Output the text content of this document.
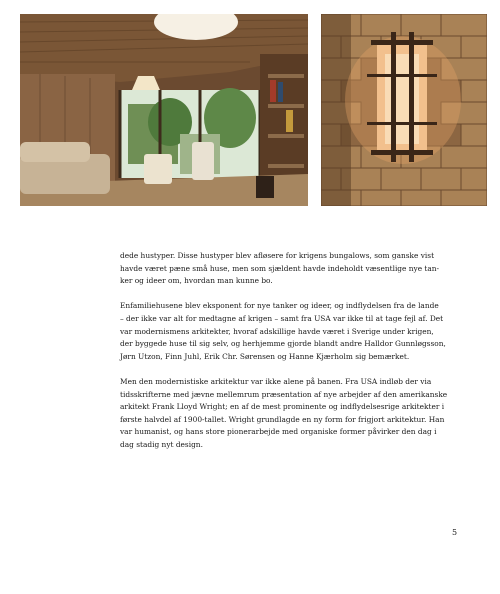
dede hustyper. Disse hustyper blev afløsere for krigens bungalows, som ganske vist
havde været pæne små huse, men som sjældent havde indeholdt væsentlige nye tan-
ker og ideer om, hvordan man kunne bo.

Enfamiliehusene blev eksponent for nye tanker og ideer, og indflydelsen fra de lande
– der ikke var alt for medtagne af krigen – samt fra USA var ikke til at tage fejl af. Det
var modernismens arkitekter, hvoraf adskillige havde været i Sverige under krigen,
der byggede huse til sig selv, og herhjemme gjorde blandt andre Halldor Gunnløgsson,
Jørn Utzon, Finn Juhl, Erik Chr. Sørensen og Hanne Kjærholm sig bemærket.

Men den modernistiske arkitektur var ikke alene på banen. Fra USA indløb der via
tidsskrifterne med jævne mellemrum præsentation af nye arbejder af den amerikanske
arkitekt Frank Lloyd Wright; en af de mest prominente og indflydelsesrige arkitekter i
første halvdel af 1900-tallet. Wright grundlagde en ny form for frigjort arkitektur. Han
var humanist, og hans store pionerarbejde med organiske former påvirker den dag i
dag stadig nyt design.

5
